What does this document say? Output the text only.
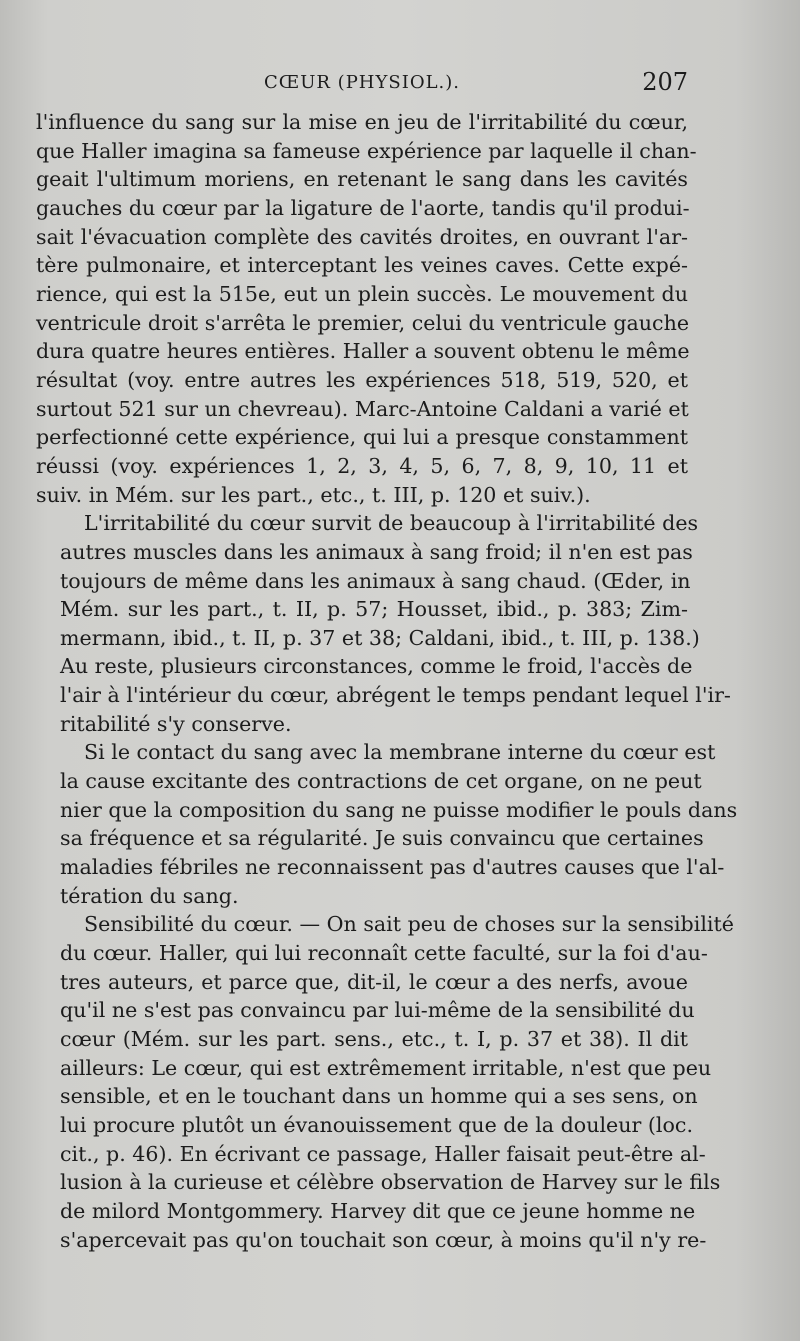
CŒUR (PHYSIOL.).	207
l'influence du sang sur la mise en jeu de l'irritabilité du cœur,
que Haller imagina sa fameuse expérience par laquelle il chan-
geait l'ultimum moriens, en retenant le sang dans les cavités
gauches du cœur par la ligature de l'aorte, tandis qu'il produi-
sait l'évacuation complète des cavités droites, en ouvrant l'ar-
tère pulmonaire, et interceptant les veines caves. Cette expé-
rience, qui est la 515e, eut un plein succès. Le mouvement du
ventricule droit s'arrêta le premier, celui du ventricule gauche
dura quatre heures entières. Haller a souvent obtenu le même
résultat (voy. entre autres les expériences 518, 519, 520, et
surtout 521 sur un chevreau). Marc-Antoine Caldani a varié et
perfectionné cette expérience, qui lui a presque constamment
réussi (voy. expériences 1, 2, 3, 4, 5, 6, 7, 8, 9, 10, 11 et
suiv. in Mém. sur les part., etc., t. III, p. 120 et suiv.).
L'irritabilité du cœur survit de beaucoup à l'irritabilité des
autres muscles dans les animaux à sang froid; il n'en est pas
toujours de même dans les animaux à sang chaud. (Œder, in
Mém. sur les part., t. II, p. 57; Housset, ibid., p. 383; Zim-
mermann, ibid., t. II, p. 37 et 38; Caldani, ibid., t. III, p. 138.)
Au reste, plusieurs circonstances, comme le froid, l'accès de
l'air à l'intérieur du cœur, abrégent le temps pendant lequel l'ir-
ritabilité s'y conserve.
Si le contact du sang avec la membrane interne du cœur est
la cause excitante des contractions de cet organe, on ne peut
nier que la composition du sang ne puisse modifier le pouls dans
sa fréquence et sa régularité. Je suis convaincu que certaines
maladies fébriles ne reconnaissent pas d'autres causes que l'al-
tération du sang.
Sensibilité du cœur. — On sait peu de choses sur la sensibilité
du cœur. Haller, qui lui reconnaît cette faculté, sur la foi d'au-
tres auteurs, et parce que, dit-il, le cœur a des nerfs, avoue
qu'il ne s'est pas convaincu par lui-même de la sensibilité du
cœur (Mém. sur les part. sens., etc., t. I, p. 37 et 38). Il dit
ailleurs: Le cœur, qui est extrêmement irritable, n'est que peu
sensible, et en le touchant dans un homme qui a ses sens, on
lui procure plutôt un évanouissement que de la douleur (loc.
cit., p. 46). En écrivant ce passage, Haller faisait peut-être al-
lusion à la curieuse et célèbre observation de Harvey sur le fils
de milord Montgommery. Harvey dit que ce jeune homme ne
s'apercevait pas qu'on touchait son cœur, à moins qu'il n'y re-
